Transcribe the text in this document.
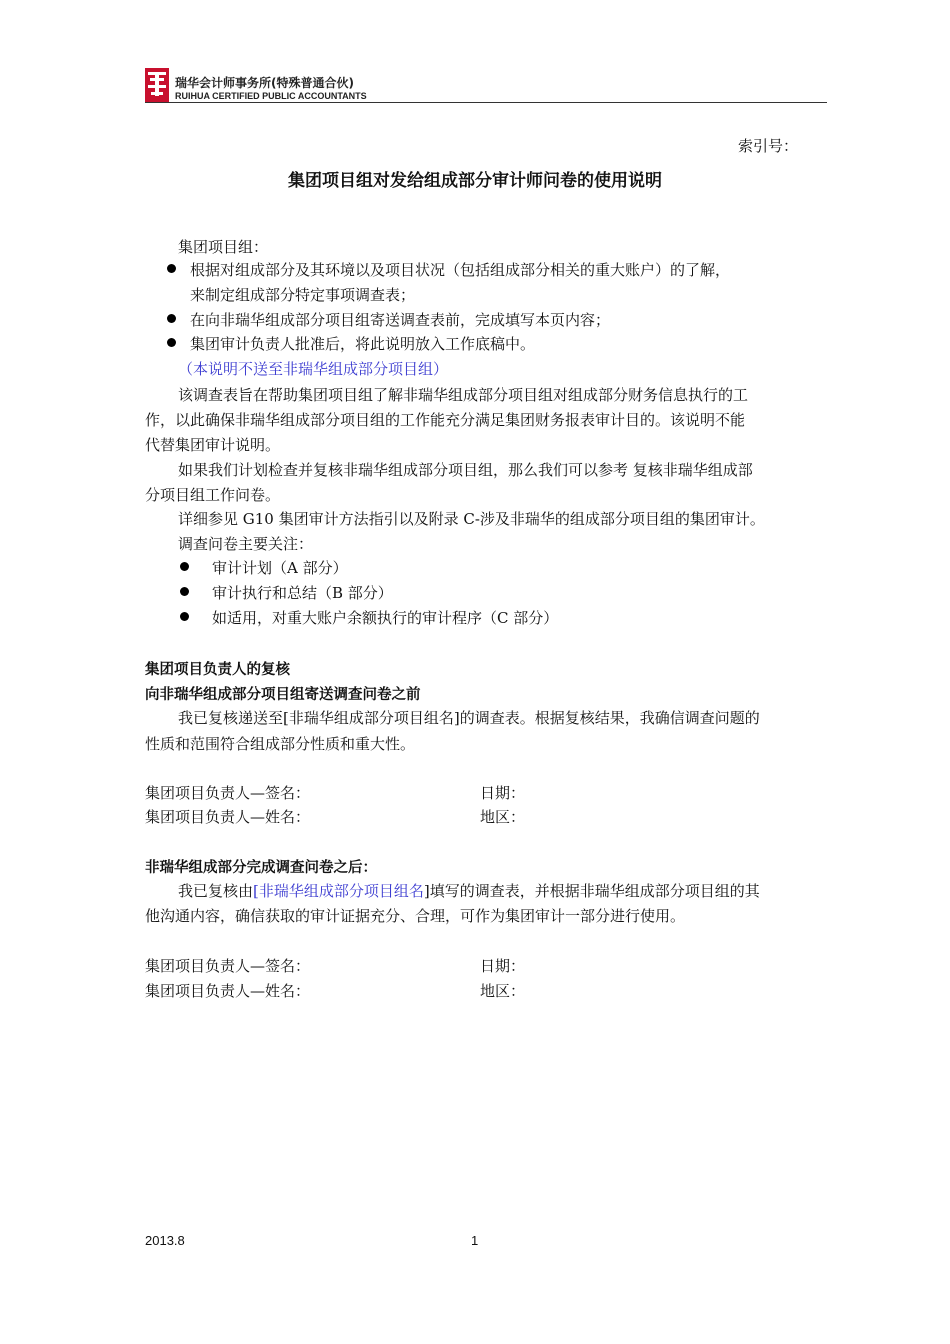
瑞华会计师事务所(特殊普通合伙)
RUIHUA CERTIFIED PUBLIC ACCOUNTANTS
索引号：
集团项目组对发给组成部分审计师问卷的使用说明
集团项目组：
根据对组成部分及其环境以及项目状况（包括组成部分相关的重大账户）的了解，
来制定组成部分特定事项调查表；
在向非瑞华组成部分项目组寄送调查表前，完成填写本页内容；
集团审计负责人批准后，将此说明放入工作底稿中。
（本说明不送至非瑞华组成部分项目组）
该调查表旨在帮助集团项目组了解非瑞华组成部分项目组对组成部分财务信息执行的工
作，以此确保非瑞华组成部分项目组的工作能充分满足集团财务报表审计目的。该说明不能
代替集团审计说明。
如果我们计划检查并复核非瑞华组成部分项目组，那么我们可以参考 复核非瑞华组成部
分项目组工作问卷。
详细参见 G10 集团审计方法指引以及附录 C-涉及非瑞华的组成部分项目组的集团审计。
调查问卷主要关注：
审计计划（A 部分）
审计执行和总结（B 部分）
如适用，对重大账户余额执行的审计程序（C 部分）
集团项目负责人的复核
向非瑞华组成部分项目组寄送调查问卷之前
我已复核递送至[非瑞华组成部分项目组名]的调查表。根据复核结果，我确信调查问题的
性质和范围符合组成部分性质和重大性。
集团项目负责人—签名：	日期：
集团项目负责人—姓名：	地区：
非瑞华组成部分完成调查问卷之后：
我已复核由[非瑞华组成部分项目组名]填写的调查表，并根据非瑞华组成部分项目组的其
他沟通内容，确信获取的审计证据充分、合理，可作为集团审计一部分进行使用。
集团项目负责人—签名：	日期：
集团项目负责人—姓名：	地区：
2013.8	1
